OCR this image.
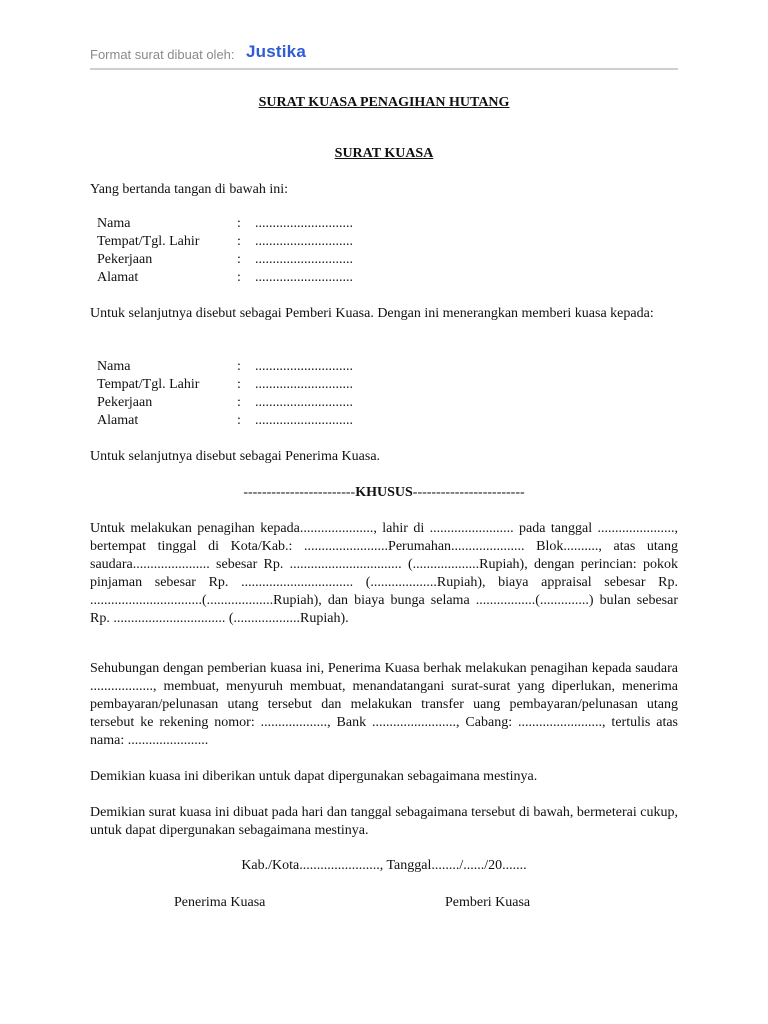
Format surat dibuat oleh: Justika
SURAT KUASA PENAGIHAN HUTANG
SURAT KUASA
Yang bertanda tangan di bawah ini:
Nama	:	............................
Tempat/Tgl. Lahir	:	............................
Pekerjaan	:	............................
Alamat	:	............................
Untuk selanjutnya disebut sebagai Pemberi Kuasa. Dengan ini menerangkan memberi kuasa kepada:
Nama	:	............................
Tempat/Tgl. Lahir	:	............................
Pekerjaan	:	............................
Alamat	:	............................
Untuk selanjutnya disebut sebagai Penerima Kuasa.
------------------------KHUSUS------------------------
Untuk melakukan penagihan kepada....................., lahir di ........................ pada tanggal ......................, bertempat tinggal di Kota/Kab.: ........................Perumahan..................... Blok.........., atas utang saudara...................... sebesar Rp. ................................ (...................Rupiah), dengan perincian: pokok pinjaman sebesar Rp. ................................ (...................Rupiah), biaya appraisal sebesar Rp. ................................(...................Rupiah), dan biaya bunga selama .................(..............) bulan sebesar Rp. ................................ (...................Rupiah).
Sehubungan dengan pemberian kuasa ini, Penerima Kuasa berhak melakukan penagihan kepada saudara .................., membuat, menyuruh membuat, menandatangani surat-surat yang diperlukan, menerima pembayaran/pelunasan utang tersebut dan melakukan transfer uang pembayaran/pelunasan utang tersebut ke rekening nomor: ..................., Bank ........................, Cabang: ........................, tertulis atas nama: .......................
Demikian kuasa ini diberikan untuk dapat dipergunakan sebagaimana mestinya.
Demikian surat kuasa ini dibuat pada hari dan tanggal sebagaimana tersebut di bawah, bermeterai cukup, untuk dapat dipergunakan sebagaimana mestinya.
Kab./Kota......................., Tanggal......../....../20.......
Penerima Kuasa	Pemberi Kuasa
